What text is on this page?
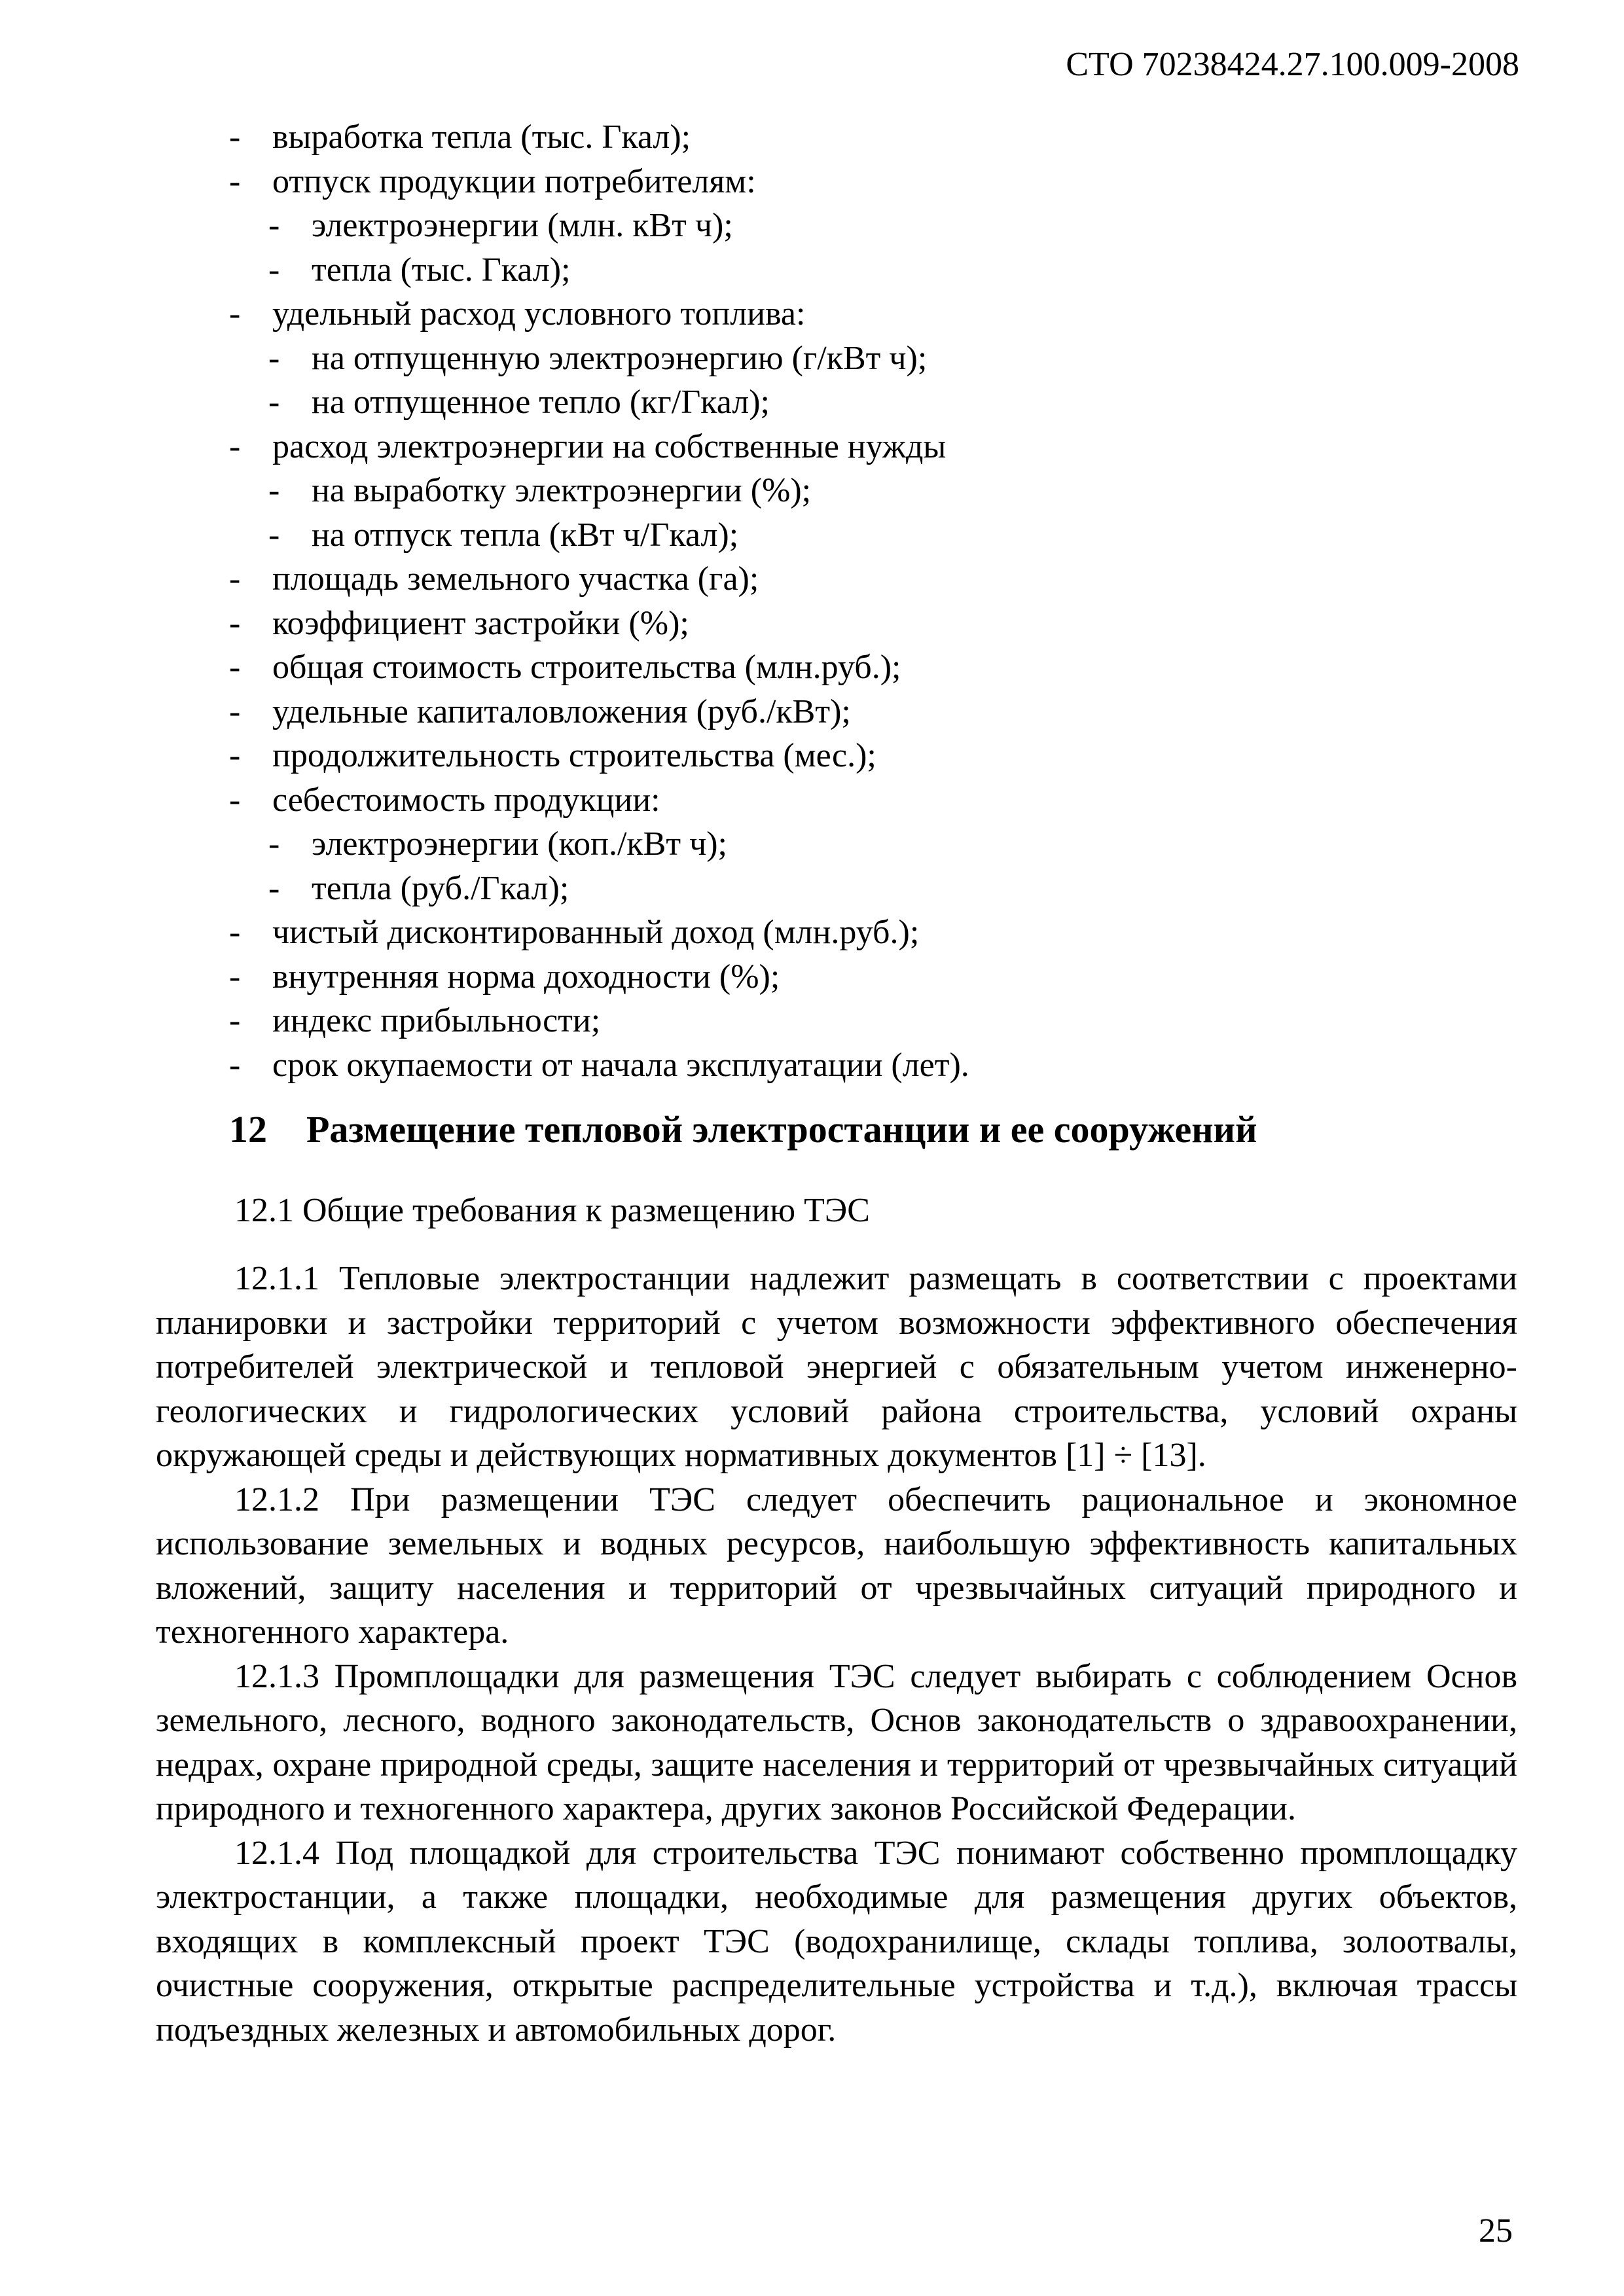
СТО 70238424.27.100.009-2008
- выработка тепла (тыс. Гкал);
- отпуск продукции потребителям:
- электроэнергии (млн. кВт ч);
- тепла (тыс. Гкал);
- удельный расход условного топлива:
- на отпущенную электроэнергию (г/кВт ч);
- на отпущенное тепло (кг/Гкал);
- расход электроэнергии на собственные нужды
- на выработку электроэнергии (%);
- на отпуск тепла (кВт ч/Гкал);
- площадь земельного участка (га);
- коэффициент застройки (%);
- общая стоимость строительства (млн.руб.);
- удельные капиталовложения (руб./кВт);
- продолжительность строительства (мес.);
- себестоимость продукции:
- электроэнергии (коп./кВт ч);
- тепла (руб./Гкал);
- чистый дисконтированный доход (млн.руб.);
- внутренняя норма доходности (%);
- индекс прибыльности;
- срок окупаемости от начала эксплуатации (лет).
12 Размещение тепловой электростанции и ее сооружений
12.1 Общие требования к размещению ТЭС

12.1.1 Тепловые электростанции надлежит размещать в соответствии с проектами планировки и застройки территорий с учетом возможности эффективного обеспечения потребителей электрической и тепловой энергией с обязательным учетом инженерно-геологических и гидрологических условий района строительства, условий охраны окружающей среды и действующих нормативных документов [1] ÷ [13].

12.1.2 При размещении ТЭС следует обеспечить рациональное и экономное использование земельных и водных ресурсов, наибольшую эффективность капитальных вложений, защиту населения и территорий от чрезвычайных ситуаций природного и техногенного характера.

12.1.3 Промплощадки для размещения ТЭС следует выбирать с соблюдением Основ земельного, лесного, водного законодательств, Основ законодательств о здравоохранении, недрах, охране природной среды, защите населения и территорий от чрезвычайных ситуаций природного и техногенного характера, других законов Российской Федерации.

12.1.4 Под площадкой для строительства ТЭС понимают собственно промплощадку электростанции, а также площадки, необходимые для размещения других объектов, входящих в комплексный проект ТЭС (водохранилище, склады топлива, золоотвалы, очистные сооружения, открытые распределительные устройства и т.д.), включая трассы подъездных железных и автомобильных дорог.

25
